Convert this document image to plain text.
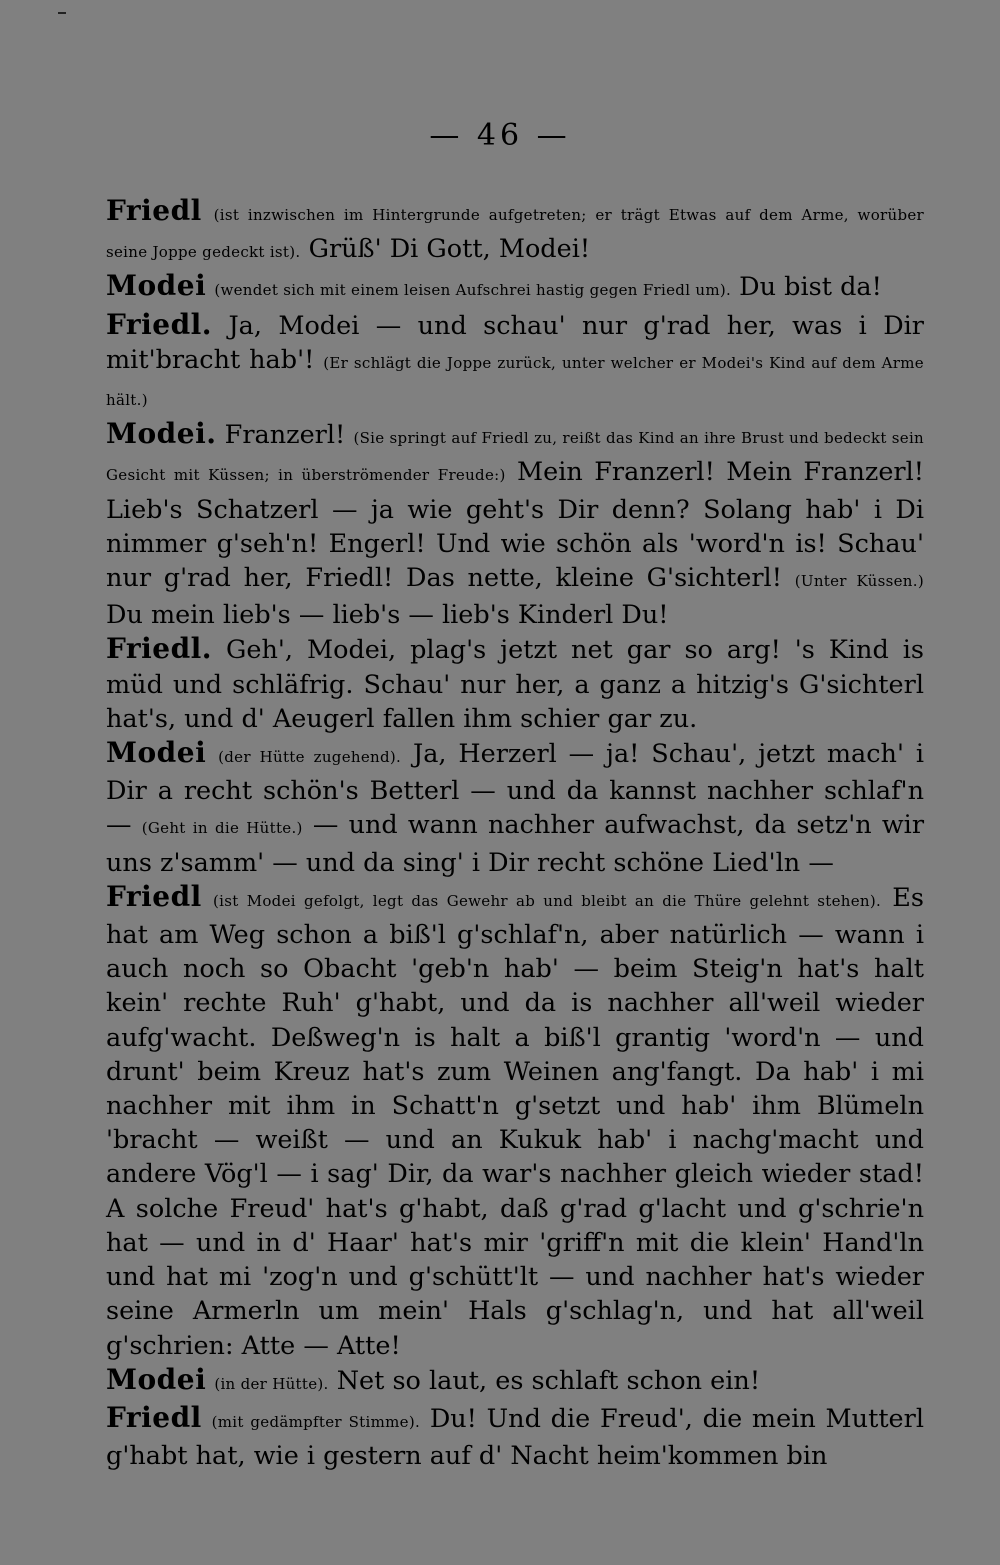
— 46 —

Friedl (ist inzwischen im Hintergrunde aufgetreten; er trägt Etwas auf dem Arme, worüber seine Joppe gedeckt ist). Grüß' Di Gott, Modei!

Modei (wendet sich mit einem leisen Aufschrei hastig gegen Friedl um). Du bist da!

Friedl. Ja, Modei — und schau' nur g'rad her, was i Dir mit'bracht hab'! (Er schlägt die Joppe zurück, unter welcher er Modei's Kind auf dem Arme hält.)

Modei. Franzerl! (Sie springt auf Friedl zu, reißt das Kind an ihre Brust und bedeckt sein Gesicht mit Küssen; in überströmender Freude:) Mein Franzerl! Mein Franzerl! Lieb's Schatzerl — ja wie geht's Dir denn? Solang hab' i Di nimmer g'seh'n! Engerl! Und wie schön als 'word'n is! Schau' nur g'rad her, Friedl! Das nette, kleine G'sichterl! (Unter Küssen.) Du mein lieb's — lieb's — lieb's Kinderl Du!

Friedl. Geh', Modei, plag's jetzt net gar so arg! 's Kind is müd und schläfrig. Schau' nur her, a ganz a hitzig's G'sichterl hat's, und d' Aeugerl fallen ihm schier gar zu.

Modei (der Hütte zugehend). Ja, Herzerl — ja! Schau', jetzt mach' i Dir a recht schön's Betterl — und da kannst nachher schlaf'n — (Geht in die Hütte.) — und wann nachher aufwachst, da setz'n wir uns z'samm' — und da sing' i Dir recht schöne Lied'ln —

Friedl (ist Modei gefolgt, legt das Gewehr ab und bleibt an die Thüre gelehnt stehen). Es hat am Weg schon a biß'l g'schlaf'n, aber natürlich — wann i auch noch so Obacht 'geb'n hab' — beim Steig'n hat's halt kein' rechte Ruh' g'habt, und da is nachher all'weil wieder aufg'wacht. Deßweg'n is halt a biß'l grantig 'word'n — und drunt' beim Kreuz hat's zum Weinen ang'fangt. Da hab' i mi nachher mit ihm in Schatt'n g'setzt und hab' ihm Blümeln 'bracht — weißt — und an Kukuk hab' i nachg'macht und andere Vög'l — i sag' Dir, da war's nachher gleich wieder stad! A solche Freud' hat's g'habt, daß g'rad g'lacht und g'schrie'n hat — und in d' Haar' hat's mir 'griff'n mit die klein' Hand'ln und hat mi 'zog'n und g'schütt'lt — und nachher hat's wieder seine Armerln um mein' Hals g'schlag'n, und hat all'weil g'schrien: Atte — Atte!

Modei (in der Hütte). Net so laut, es schlaft schon ein!

Friedl (mit gedämpfter Stimme). Du! Und die Freud', die mein Mutterl g'habt hat, wie i gestern auf d' Nacht heim'kommen bin
